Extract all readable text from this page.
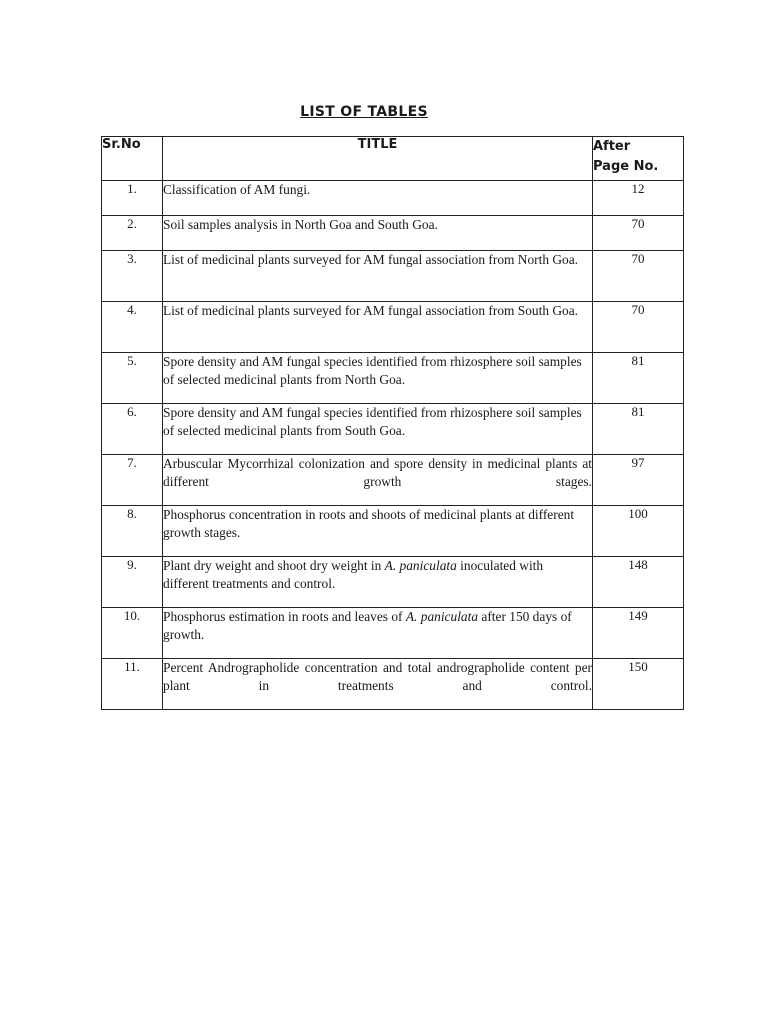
LIST OF TABLES
Sr.No	TITLE	After
Page No.
1.	Classification of AM fungi.	12
2.	Soil samples analysis in North Goa and South Goa.	70
3.	List of medicinal plants surveyed for AM fungal association from North Goa.	70
4.	List of medicinal plants surveyed for AM fungal association from South Goa.	70
5.	Spore density and AM fungal species identified from rhizosphere soil samples of selected medicinal plants from North Goa.	81
6.	Spore density and AM fungal species identified from rhizosphere soil samples of selected medicinal plants from South Goa.	81
7.	Arbuscular Mycorrhizal colonization and spore density in medicinal plants at different growth stages.	97
8.	Phosphorus concentration in roots and shoots of medicinal plants at different growth stages.	100
9.	Plant dry weight and shoot dry weight in A. paniculata inoculated with different treatments and control.	148
10.	Phosphorus estimation in roots and leaves of A. paniculata after 150 days of growth.	149
11.	Percent Andrographolide concentration and total andrographolide content per plant in treatments and control.	150
